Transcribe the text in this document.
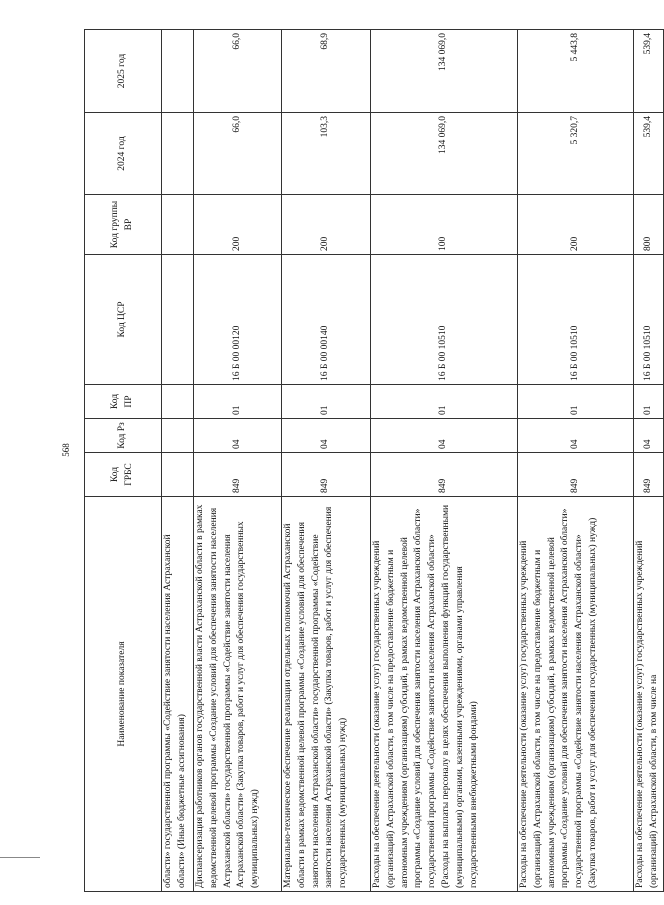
568
Наименование показателя	Код ГРБС	Код Рз	Код ПР	Код ЦСР	Код группы ВР	2024 год	2025 год
области» государственной программы «Содействие занятости населения Астраханской области» (Иные бюджетные ассигнования)							
Диспансеризация работников органов государственной власти Астраханской области в рамках ведомственной целевой программы «Создание условий для обеспечения занятости населения Астраханской области» государственной программы «Содействие занятости населения Астраханской области» (Закупка товаров, работ и услуг для обеспечения государственных (муниципальных) нужд)	849	04	01	16 Б 00 00120	200	66,0	66,0
Материально-техническое обеспечение реализации отдельных полномочий Астраханской области в рамках ведомственной целевой программы «Создание условий для обеспечения занятости населения Астраханской области» государственной программы «Содействие занятости населения Астраханской области» (Закупка товаров, работ и услуг для обеспечения государственных (муниципальных) нужд)	849	04	01	16 Б 00 00140	200	103,3	68,9
Расходы на обеспечение деятельности (оказание услуг) государственных учреждений (организаций) Астраханской области, в том числе на предоставление бюджетным и автономным учреждениям (организациям) субсидий, в рамках ведомственной целевой программы «Создание условий для обеспечения занятости населения Астраханской области» государственной программы «Содействие занятости населения Астраханской области» (Расходы на выплаты персоналу в целях обеспечения выполнения функций государственными (муниципальными) органами, казенными учреждениями, органами управления государственными внебюджетными фондами)	849	04	01	16 Б 00 10510	100	134 069,0	134 069,0
Расходы на обеспечение деятельности (оказание услуг) государственных учреждений (организаций) Астраханской области, в том числе на предоставление бюджетным и автономным учреждениям (организациям) субсидий, в рамках ведомственной целевой программы «Создание условий для обеспечения занятости населения Астраханской области» государственной программы «Содействие занятости населения Астраханской области» (Закупка товаров, работ и услуг для обеспечения государственных (муниципальных) нужд)	849	04	01	16 Б 00 10510	200	5 320,7	5 443,8
Расходы на обеспечение деятельности (оказание услуг) государственных учреждений (организаций) Астраханской области, в том числе на	849	04	01	16 Б 00 10510	800	539,4	539,4
